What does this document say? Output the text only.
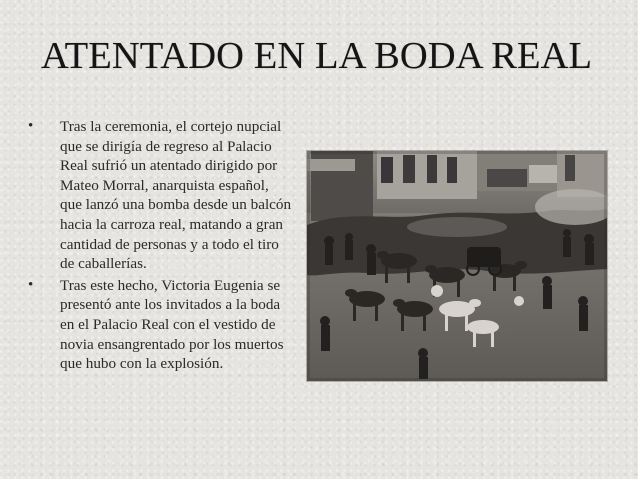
ATENTADO EN LA BODA REAL
•	Tras la ceremonia, el cortejo nupcial que se dirigía de regreso al Palacio Real sufrió un atentado dirigido por Mateo Morral, anarquista español, que lanzó una bomba desde un balcón hacia la carroza real, matando a gran cantidad de personas y a todo el tiro de caballerías.
•	Tras este hecho, Victoria Eugenia se presentó ante los invitados a la boda en el Palacio Real con el vestido de novia ensangrentado por los muertos que hubo con la explosión.
